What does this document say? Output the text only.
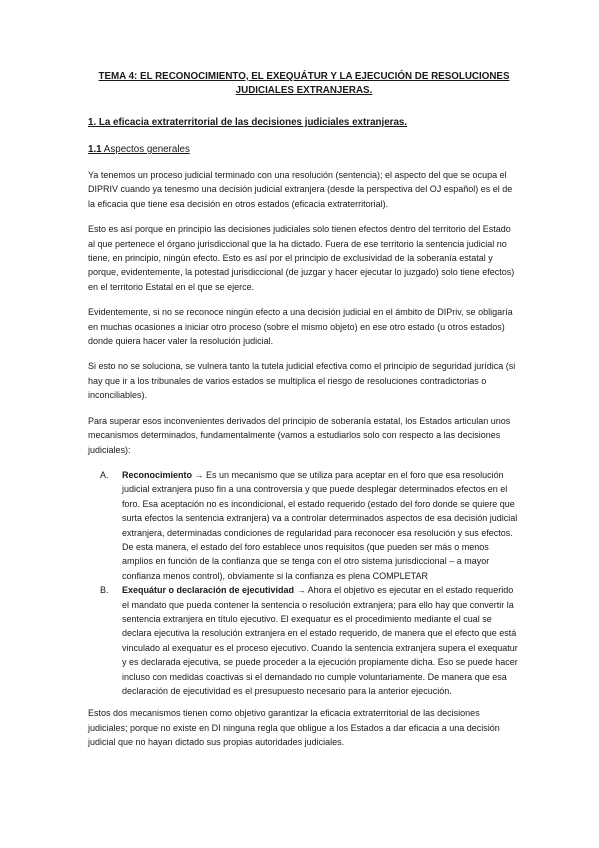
TEMA 4: EL RECONOCIMIENTO, EL EXEQUÁTUR Y LA EJECUCIÓN DE RESOLUCIONES JUDICIALES EXTRANJERAS.
1. La eficacia extraterritorial de las decisiones judiciales extranjeras.
1.1 Aspectos generales

Ya tenemos un proceso judicial terminado con una resolución (sentencia); el aspecto del que se ocupa el DIPRIV cuando ya tenesmo una decisión judicial extranjera (desde la perspectiva del OJ español) es el de la eficacia que tiene esa decisión en otros estados (eficacia extraterritorial).

Esto es así porque en principio las decisiones judiciales solo tienen efectos dentro del territorio del Estado al que pertenece el órgano jurisdiccional que la ha dictado. Fuera de ese territorio la sentencia judicial no tiene, en principio, ningún efecto. Esto es así por el principio de exclusividad de la soberanía estatal y porque, evidentemente, la potestad jurisdiccional (de juzgar y hacer ejecutar lo juzgado) solo tiene efectos) en el territorio Estatal en el que se ejerce.

Evidentemente, si no se reconoce ningún efecto a una decisión judicial en el ámbito de DIPriv, se obligaría en muchas ocasiones a iniciar otro proceso (sobre el mismo objeto) en ese otro estado (u otros estados) donde quiera hacer valer la resolución judicial.

Si esto no se soluciona, se vulnera tanto la tutela judicial efectiva como el principio de seguridad jurídica (si hay que ir a los tribunales de varios estados se multiplica el riesgo de resoluciones contradictorias o inconciliables).

Para superar esos inconvenientes derivados del principio de soberanía estatal, los Estados articulan unos mecanismos determinados, fundamentalmente (vamos a estudiarlos solo con respecto a las decisiones judiciales):

A. Reconocimiento → Es un mecanismo que se utiliza para aceptar en el foro que esa resolución judicial extranjera puso fin a una controversia y que puede desplegar determinados efectos en el foro. Esa aceptación no es incondicional, el estado requerido (estado del foro donde se quiere que surta efectos la sentencia extranjera) va a controlar determinados aspectos de esa decisión judicial extranjera, determinadas condiciones de regularidad para reconocer esa resolución y sus efectos. De esta manera, el estado del foro establece unos requisitos (que pueden ser más o menos amplios en función de la confianza que se tenga con el otro sistema jurisdiccional – a mayor confianza menos control), obviamente si la confianza es plena COMPLETAR
B. Exequátur o declaración de ejecutividad → Ahora el objetivo es ejecutar en el estado requerido el mandato que pueda contener la sentencia o resolución extranjera; para ello hay que convertir la sentencia extranjera en título ejecutivo. El exequatur es el procedimiento mediante el cual se declara ejecutiva la resolución extranjera en el estado requerido, de manera que el efecto que está vinculado al exequatur es el proceso ejecutivo. Cuando la sentencia extranjera supera el exequatur y es declarada ejecutiva, se puede proceder a la ejecución propiamente dicha. Eso se puede hacer incluso con medidas coactivas si el demandado no cumple voluntariamente. De manera que esa declaración de ejecutividad es el presupuesto necesario para la anterior ejecución.

Estos dos mecanismos tienen como objetivo garantizar la eficacia extraterritorial de las decisiones judiciales; porque no existe en DI ninguna regla que obligue a los Estados a dar eficacia a una decisión judicial que no hayan dictado sus propias autoridades judiciales.
